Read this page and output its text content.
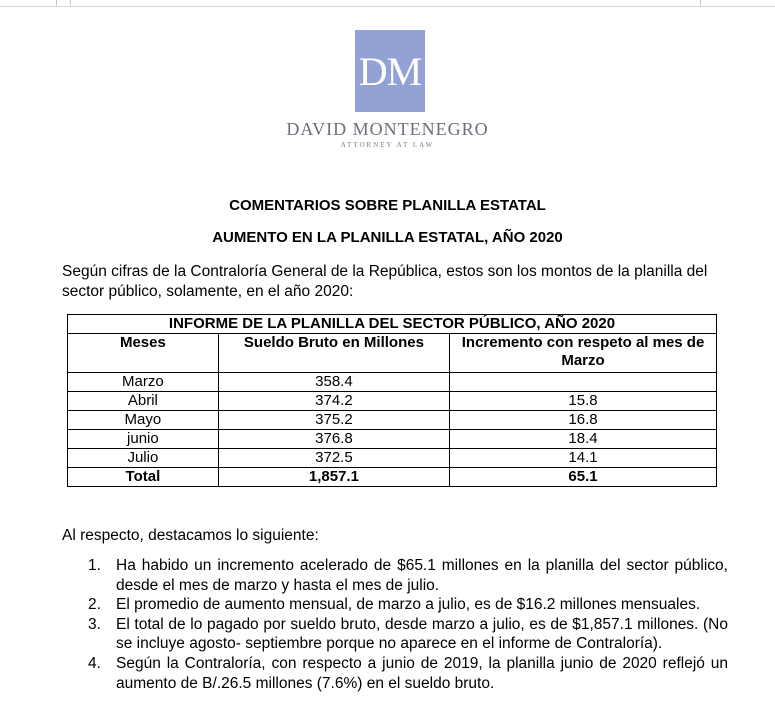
DM
DAVID MONTENEGRO
ATTORNEY AT LAW
COMENTARIOS SOBRE PLANILLA ESTATAL
AUMENTO EN LA PLANILLA ESTATAL, AÑO 2020
Según cifras de la Contraloría General de la República, estos son los montos de la planilla del sector público, solamente, en el año 2020:
INFORME DE LA PLANILLA DEL SECTOR PÚBLICO, AÑO 2020		
Meses	Sueldo Bruto en Millones	Incremento con respeto al mes de Marzo
Marzo	358.4	
Abril	374.2	15.8
Mayo	375.2	16.8
junio	376.8	18.4
Julio	372.5	14.1
Total	1,857.1	65.1
Al respecto, destacamos lo siguiente:
1. Ha habido un incremento acelerado de $65.1 millones en la planilla del sector público, desde el mes de marzo y hasta el mes de julio.
2. El promedio de aumento mensual, de marzo a julio, es de $16.2 millones mensuales.
3. El total de lo pagado por sueldo bruto, desde marzo a julio, es de $1,857.1 millones. (No se incluye agosto- septiembre porque no aparece en el informe de Contraloría).
4. Según la Contraloría, con respecto a junio de 2019, la planilla junio de 2020 reflejó un aumento de B/.26.5 millones (7.6%) en el sueldo bruto.
